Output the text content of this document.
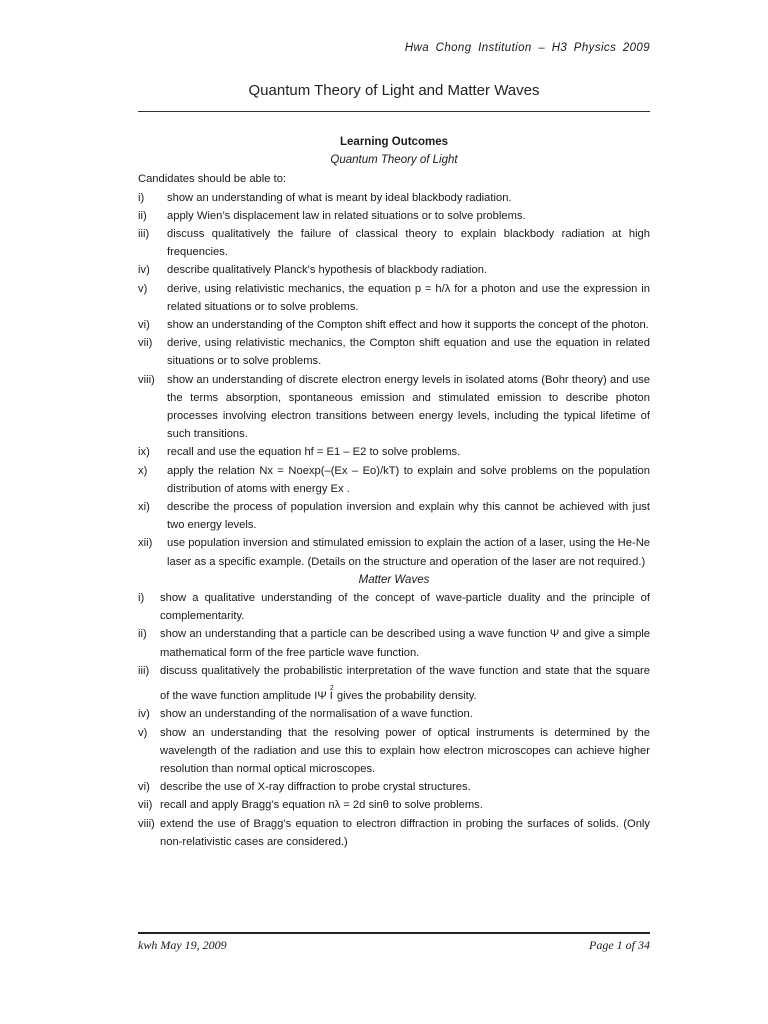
Hwa Chong Institution – H3 Physics 2009
Quantum Theory of Light and Matter Waves
Learning Outcomes
Quantum Theory of Light
Candidates should be able to:
i)	show an understanding of what is meant by ideal blackbody radiation.
ii)	apply Wien’s displacement law in related situations or to solve problems.
iii)	discuss qualitatively the failure of classical theory to explain blackbody radiation at high frequencies.
iv)	describe qualitatively Planck’s hypothesis of blackbody radiation.
v)	derive, using relativistic mechanics, the equation p = h/λ for a photon and use the expression in related situations or to solve problems.
vi)	show an understanding of the Compton shift effect and how it supports the concept of the photon.
vii)	derive, using relativistic mechanics, the Compton shift equation and use the equation in related situations or to solve problems.
viii)	show an understanding of discrete electron energy levels in isolated atoms (Bohr theory) and use the terms absorption, spontaneous emission and stimulated emission to describe photon processes involving electron transitions between energy levels, including the typical lifetime of such transitions.
ix)	recall and use the equation hf = E1 – E2 to solve problems.
x)	apply the relation Nx = Noexp(–(Ex – Eo)/kT) to explain and solve problems on the population distribution of atoms with energy Ex .
xi)	describe the process of population inversion and explain why this cannot be achieved with just two energy levels.
xii)	use population inversion and stimulated emission to explain the action of a laser, using the He-Ne laser as a specific example. (Details on the structure and operation of the laser are not required.)
Matter Waves
i)	show a qualitative understanding of the concept of wave-particle duality and the principle of complementarity.
ii)	show an understanding that a particle can be described using a wave function Ψ and give a simple mathematical form of the free particle wave function.
iii) discuss qualitatively the probabilistic interpretation of the wave function and state that the square of the wave function amplitude IΨ $I^2$ gives the probability density.
iv) show an understanding of the normalisation of a wave function.
v)	show an understanding that the resolving power of optical instruments is determined by the wavelength of the radiation and use this to explain how electron microscopes can achieve higher resolution than normal optical microscopes.
vi) describe the use of X-ray diffraction to probe crystal structures.
vii) recall and apply Bragg’s equation nλ = 2d sinθ to solve problems.
viii) extend the use of Bragg’s equation to electron diffraction in probing the surfaces of solids. (Only non-relativistic cases are considered.)
kwh May 19, 2009	Page 1 of 34
